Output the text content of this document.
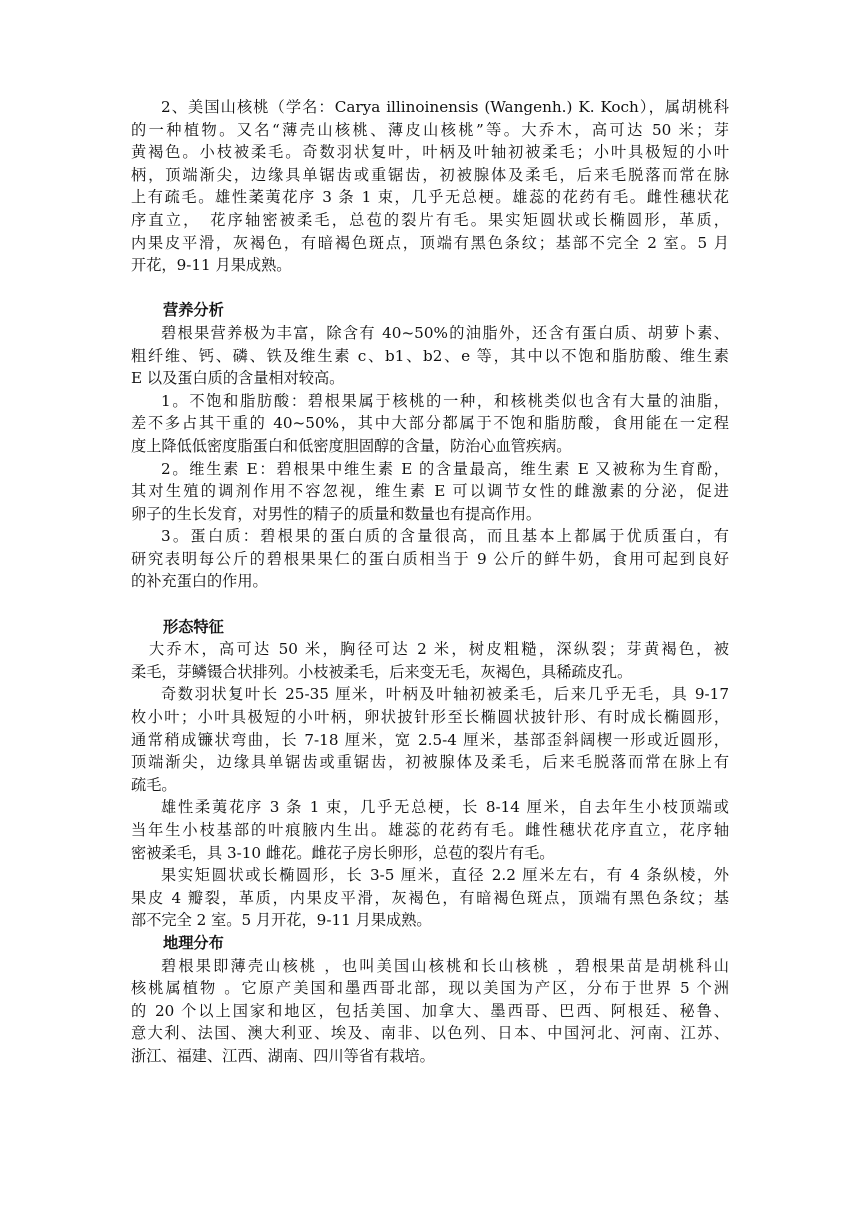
2、美国山核桃（学名：Carya illinoinensis (Wangenh.) K. Koch），属胡桃科
的一种植物。又名“薄壳山核桃、薄皮山核桃”等。大乔木，高可达 50 米；芽
黄褐色。小枝被柔毛。奇数羽状复叶，叶柄及叶轴初被柔毛；小叶具极短的小叶
柄，顶端渐尖，边缘具单锯齿或重锯齿，初被腺体及柔毛，后来毛脱落而常在脉
上有疏毛。雄性葇荑花序 3 条 1 束，几乎无总梗。雄蕊的花药有毛。雌性穗状花
序直立，　花序轴密被柔毛，总苞的裂片有毛。果实矩圆状或长椭圆形，革质，
内果皮平滑，灰褐色，有暗褐色斑点，顶端有黑色条纹；基部不完全 2 室。5 月
开花，9-11 月果成熟。
营养分析
碧根果营养极为丰富，除含有 40~50%的油脂外，还含有蛋白质、胡萝卜素、
粗纤维、钙、磷、铁及维生素 c、b1、b2、e 等，其中以不饱和脂肪酸、维生素
E 以及蛋白质的含量相对较高。
1。不饱和脂肪酸：碧根果属于核桃的一种，和核桃类似也含有大量的油脂，
差不多占其干重的 40~50%，其中大部分都属于不饱和脂肪酸，食用能在一定程
度上降低低密度脂蛋白和低密度胆固醇的含量，防治心血管疾病。
2。维生素 E：碧根果中维生素 E 的含量最高，维生素 E 又被称为生育酚，
其对生殖的调剂作用不容忽视，维生素 E 可以调节女性的雌激素的分泌，促进
卵子的生长发育，对男性的精子的质量和数量也有提高作用。
3。蛋白质：碧根果的蛋白质的含量很高，而且基本上都属于优质蛋白，有
研究表明每公斤的碧根果果仁的蛋白质相当于 9 公斤的鲜牛奶，食用可起到良好
的补充蛋白的作用。
形态特征
大乔木，高可达 50 米，胸径可达 2 米，树皮粗糙，深纵裂；芽黄褐色，被
柔毛，芽鳞镊合状排列。小枝被柔毛，后来变无毛，灰褐色，具稀疏皮孔。
奇数羽状复叶长 25-35 厘米，叶柄及叶轴初被柔毛，后来几乎无毛，具 9-17
枚小叶；小叶具极短的小叶柄，卵状披针形至长椭圆状披针形、有时成长椭圆形，
通常稍成镰状弯曲，长 7-18 厘米，宽 2.5-4 厘米，基部歪斜阔楔一形或近圆形，
顶端渐尖，边缘具单锯齿或重锯齿，初被腺体及柔毛，后来毛脱落而常在脉上有
疏毛。
雄性柔荑花序 3 条 1 束，几乎无总梗，长 8-14 厘米，自去年生小枝顶端或
当年生小枝基部的叶痕腋内生出。雄蕊的花药有毛。雌性穗状花序直立，花序轴
密被柔毛，具 3-10 雌花。雌花子房长卵形，总苞的裂片有毛。
果实矩圆状或长椭圆形，长 3-5 厘米，直径 2.2 厘米左右，有 4 条纵棱，外
果皮 4 瓣裂，革质，内果皮平滑，灰褐色，有暗褐色斑点，顶端有黑色条纹；基
部不完全 2 室。5 月开花，9-11 月果成熟。
地理分布
碧根果即薄壳山核桃 ，也叫美国山核桃和长山核桃 ，碧根果苗是胡桃科山
核桃属植物 。它原产美国和墨西哥北部，现以美国为产区，分布于世界 5 个洲
的 20 个以上国家和地区，包括美国、加拿大、墨西哥、巴西、阿根廷、秘鲁、
意大利、法国、澳大利亚、埃及、南非、以色列、日本、中国河北、河南、江苏、
浙江、福建、江西、湖南、四川等省有栽培。
